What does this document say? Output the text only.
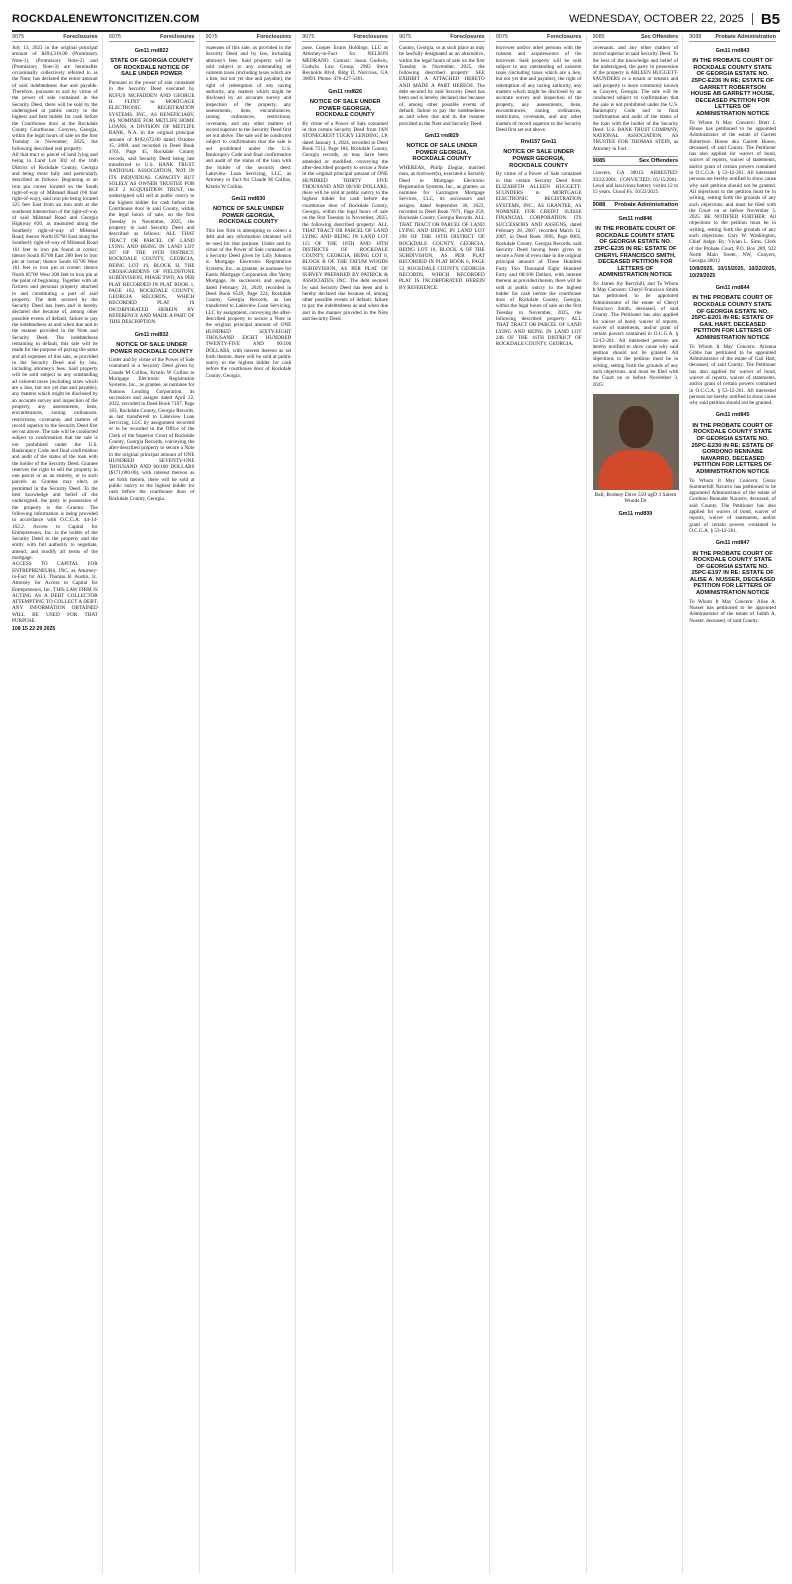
ROCKDALENEWTONCITIZEN.COM	WEDNESDAY, OCTOBER 22, 2025 B5
9075	Foreclosures
July 13, 2023 in the original principal amount of $494,316.00 (Promissory Note-1), (Promissory Note-2) and (Promissory Note-3) are hereinafter occasionally collectively referred to as the Note; has declared the entire amount of said indebtedness due and payable. Therefore, pursuant to and by virtue of the power of sale contained in the Security Deed, there will be sold by the undersigned at public outcry to the highest and best bidder for cash before the Courthouse door at the Rockdale County Courthouse, Conyers, Georgia, within the legal hours of sale on the first Tuesday in November, 2025, the following described real property:
All that tract or parcel of land lying and being in Land Lot 302 of the 16th District of Rockdale County, Georgia and being more fully and particularly described as follows: Beginning at an iron pin corner located on the South right-of-way of Milstead Road (60 foot right-of-way), said iron pin being located 325 feet East from an iron stob at the southeast intersection of the right-of-way of said Milstead Road and Georgia Highway #20, as measured along the Southerly right-of-way of Milstead Road; thence North 85°00 East along the Southerly right-of-way of Milstead Road 161 feet to iron pin found at corner; thence South 05°00 East 200 feet to iron pin at corner; thence South 85°00 West 161 feet to iron pin at corner; thence North 05°00 West 200 feet to iron pin at the point of beginning. Together with all fixtures and personal property attached to and constituting a part of said property. The debt secured by the Security Deed has been and is hereby declared due because of, among other possible events of default, failure to pay the indebtedness as and when due and in the manner provided in the Note and Security Deed. The indebtedness remaining in default, this sale will be made for the purpose of paying the same and all expenses of this sale, as provided in the Security Deed and by law, including attorney's fees. Said property will be sold subject to any outstanding ad valorem taxes (including taxes which are a lien, but not yet due and payable), any matters which might be disclosed by an accurate survey and inspection of the property, any assessments, liens, encumbrances, zoning ordinances, restrictions, covenants, and matters of record superior to the Security Deed first set out above. The sale will be conducted subject to confirmation that the sale is not prohibited under the U.S. Bankruptcy Code and final confirmation and audit of the status of the loan with the holder of the Security Deed. Grantee reserves the right to sell the property in one parcel or as an entirety, or in such parcels as Grantee may elect, as permitted in the Security Deed. To the best knowledge and belief of the undersigned, the party in possession of the property is the Grantor. The following information is being provided in accordance with O.C.G.A. 44-14-162.2. Access to Capital for Entrepreneurs, Inc. is the holder of the Security Deed to the property and the entity with full authority to negotiate, amend, and modify all terms of the mortgage.
ACCESS TO CAPITAL FOR ENTREPRENEURS, INC. as Attorney-in-Fact for ALI, Thomas B. Austin, Jr., Attorney for Access to Capital for Entrepreneurs, Inc. THIS LAW FIRM IS ACTING AS A DEBT COLLECTOR ATTEMPTING TO COLLECT A DEBT. ANY INFORMATION OBTAINED WILL BE USED FOR THAT PURPOSE.
108 15 22 29 2025
9075	Foreclosures
Gm11 rnd822
STATE OF GEORGIA COUNTY OF ROCKDALE NOTICE OF SALE UNDER POWER
Pursuant to the power of sale contained in the Security Deed executed by RUFUS MCFADDEN AND GEORGE H. FLINT to MORTGAGE ELECTRONIC REGISTRATION SYSTEMS, INC., AS BENEFICIARY, AS NOMINEE FOR METLIFE HOME LOANS, A DIVISION OF METLIFE BANK, N.A. in the original principal amount of $182,672.00 dated October 15, 2009, and recorded in Deed Book 4761, Page 45, Rockdale County records, said Security Deed being last transferred to U.S. BANK TRUST NATIONAL ASSOCIATION, NOT IN ITS INDIVIDUAL CAPACITY BUT SOLELY AS OWNER TRUSTEE FOR RCF 2 ACQUISITION TRUST, the undersigned will sell at public outcry to the highest bidder for cash before the Courthouse door in said County, within the legal hours of sale, on the first Tuesday in November, 2025, the property in said Security Deed and described as follows: ALL THAT TRACT OR PARCEL OF LAND LYING AND BEING IN LAND LOT 267 OF THE 16TH DISTRICT, ROCKDALE COUNTY, GEORGIA, BEING LOT 19, BLOCK H, THE CROSSGARDENS OF FIELDSTONE SUBDIVISION, PHASE TWO, AS PER PLAT RECORDED IN PLAT BOOK 1, PAGE 162, ROCKDALE COUNTY, GEORGIA RECORDS, WHICH RECORDED PLAT IS INCORPORATED HEREIN BY REFERENCE AND MADE A PART OF THIS DESCRIPTION.
Gm11 rnd832
NOTICE OF SALE UNDER POWER ROCKDALE COUNTY
Under and by virtue of the Power of Sale contained in a Security Deed given by Claude M Collins, Kristin W Collins to Mortgage Electronic Registration Systems, Inc., as grantee, as nominee for Nations Lending Corporation, its successors and assigns dated April 22, 2022, recorded in Deed Book 7107, Page 183, Rockdale County, Georgia Records, as last transferred to Lakeview Loan Servicing, LLC by assignment recorded or to be recorded in the Office of the Clerk of the Superior Court of Rockdale County, Georgia Records, conveying the after-described property to secure a Note in the original principal amount of ONE HUNDRED SEVENTY-ONE THOUSAND AND 00/100 DOLLARS ($171,000.00), with interest thereon as set forth therein, there will be sold at public outcry to the highest bidder for cash before the courthouse door of Rockdale County, Georgia.
9075	Foreclosures
expenses of this sale, as provided in the Security Deed and by law, including attorney's fees. Said property will be sold subject to any outstanding ad valorem taxes (including taxes which are a lien, but not yet due and payable), the right of redemption of any taxing authority, any matters which might be disclosed by an accurate survey and inspection of the property, any assessments, liens, encumbrances, zoning ordinances, restrictions, covenants, and any other matters of record superior to the Security Deed first set out above. The sale will be conducted subject to confirmation that the sale is not prohibited under the U.S. Bankruptcy Code and final confirmation and audit of the status of the loan with the holder of the security deed. Lakeview Loan Servicing, LLC, as Attorney in Fact for Claude M Collins, Kristin W Collins.
Gm11 rnd830
NOTICE OF SALE UNDER POWER GEORGIA, ROCKDALE COUNTY
This law firm is attempting to collect a debt and any information obtained will be used for that purpose. Under and by virtue of the Power of Sale contained in a Security Deed given by Lilly Johnson to Mortgage Electronic Registration Systems, Inc., as grantee, as nominee for Eustis Mortgage Corporation dba Verity Mortgage, its successors and assigns, dated February 21, 2020, recorded in Deed Book 6549, Page 224, Rockdale County, Georgia Records, as last transferred to Lakeview Loan Servicing, LLC by assignment, conveying the after-described property to secure a Note in the original principal amount of ONE HUNDRED SIXTY-EIGHT THOUSAND EIGHT HUNDRED TWENTY-FIVE AND 00/100 DOLLARS, with interest thereon as set forth therein, there will be sold at public outcry to the highest bidder for cash before the courthouse door of Rockdale County, Georgia.
9075	Foreclosures
pose. Cooper Evans Holdings, LLC as Attorney-in-Fact for NELSON MEDRANO. Contact: Jason Godwin, Godwin Law Group, 2983 Steve Reynolds Blvd, Bldg D, Norcross, GA 30093. Phone: 470-427-5461.
Gm11 rnd826
NOTICE OF SALE UNDER POWER GEORGIA, ROCKDALE COUNTY
By virtue of a Power of Sale contained in that certain Security Deed from JAN STONECREST TUCKY LENDING, LP, dated January 4, 2024, recorded in Deed Book 7212, Page 184, Rockdale County, Georgia records, as may have been amended or modified, conveying the after-described property to secure a Note in the original principal amount of ONE HUNDRED THIRTY FIVE THOUSAND AND 00/100 DOLLARS, there will be sold at public outcry to the highest bidder for cash before the courthouse door of Rockdale County, Georgia, within the legal hours of sale on the first Tuesday in November, 2025, the following described property: ALL THAT TRACT OR PARCEL OF LAND LYING AND BEING IN LAND LOT 115 OF THE 16TH AND 10TH DISTRICTS OF ROCKDALE COUNTY, GEORGIA, BEING LOT 8, BLOCK B OF THE TATUM WOODS SUBDIVISION, AS PER PLAT OF SURVEY PREPARED BY PATRICK & ASSOCIATES, INC. The debt secured by said Security Deed has been and is hereby declared due because of, among other possible events of default, failure to pay the indebtedness as and when due and in the manner provided in the Note and Security Deed.
9075	Foreclosures
County, Georgia, or at such place as may be lawfully designated as an alternative, within the legal hours of sale on the first Tuesday in November, 2025, the following described property: SEE EXHIBIT A ATTACHED HERETO AND MADE A PART HEREOF. The debt secured by said Security Deed has been and is hereby declared due because of, among other possible events of default, failure to pay the indebtedness as and when due and in the manner provided in the Note and Security Deed.
Gm11 rnd829
NOTICE OF SALE UNDER POWER GEORGIA, ROCKDALE COUNTY
WHEREAS, Philip Zieglar, married man, as borrower(s), executed a Security Deed to Mortgage Electronic Registration Systems, Inc., as grantee, as nominee for Carrington Mortgage Services, LLC, its successors and assigns, dated September 30, 2022, recorded in Deed Book 7071, Page 259, Rockdale County, Georgia Records. ALL THAT TRACT OR PARCEL OF LAND LYING AND BEING IN LAND LOT 298 OF THE 16TH DISTRICT OF ROCKDALE COUNTY, GEORGIA, BEING LOT 16, BLOCK A OF THE SUBDIVISION, AS PER PLAT RECORDED IN PLAT BOOK 6, PAGE 53, ROCKDALE COUNTY, GEORGIA RECORDS, WHICH RECORDED PLAT IS INCORPORATED HEREIN BY REFERENCE.
9075	Foreclosures
borrower and/or other persons with the consent and acquiescence of the borrower. Said property will be sold subject to any outstanding ad valorem taxes (including taxes which are a lien, but not yet due and payable), the right of redemption of any taxing authority, any matters which might be disclosed by an accurate survey and inspection of the property, any assessments, liens, encumbrances, zoning ordinances, restrictions, covenants, and any other matters of record superior to the Security Deed first set out above.
Rnd157 Gm11
NOTICE OF SALE UNDER POWER GEORGIA, ROCKDALE COUNTY
By virtue of a Power of Sale contained in that certain Security Deed from ELIZABETH ALLEEN HUGGETT-SCUNDERS to MORTGAGE ELECTRONIC REGISTRATION SYSTEMS, INC., AS GRANTEE, AS NOMINEE FOR CREDIT SUISSE FINANCIAL CORPORATION, ITS SUCCESSORS AND ASSIGNS, dated February 28, 2007, recorded March 12, 2007, in Deed Book 3995, Page 0065, Rockdale County, Georgia Records, said Security Deed having been given to secure a Note of even date in the original principal amount of Three Hundred Forty Two Thousand Eight Hundred Forty and 00/100 Dollars, with interest thereon as provided therein, there will be sold at public outcry to the highest bidder for cash before the courthouse door of Rockdale County, Georgia, within the legal hours of sale on the first Tuesday in November, 2025, the following described property: ALL THAT TRACT OR PARCEL OF LAND LYING AND BEING IN LAND LOT 246 OF THE 16TH DISTRICT OF ROCKDALE COUNTY, GEORGIA.
9085	Sex Offenders
covenants, and any other matters of record superior to said Security Deed. To the best of the knowledge and belief of the undersigned, the party in possession of the property is ARLEEN HUGGETT-SAUNDERS or a tenant or tenants and said property is more commonly known as Conyers, Georgia. The sale will be conducted subject to confirmation that the sale is not prohibited under the U.S. Bankruptcy Code and to final confirmation and audit of the status of the loan with the holder of the Security Deed. U.S. BANK TRUST COMPANY, NATIONAL ASSOCIATION, AS TRUSTEE FOR THOMAS STEIN, as Attorney in Fact.
9085	Sex Offenders
Convers, GA 30013. ARRESTED: 03/22/2001. CONVICTED: 05/15/2001. Lewd and lascivious battery victim 12 to 15 years. Cloud Fn. 10/22/2025
9088 Probate Administration
Gm11 rnd846
IN THE PROBATE COURT OF ROCKDALE COUNTY STATE OF GEORGIA ESTATE NO. 25PC-E235 IN RE: ESTATE OF CHERYL FRANCISCO SMITH, DECEASED PETITION FOR LETTERS OF ADMINISTRATION NOTICE
To: James Joy Berryhill, and To Whom It May Concern: Cheryl Francisco Smith has petitioned to be appointed Administrator of the estate of Cheryl Francisco Smith, deceased, of said County. The Petitioner has also applied for waiver of bond, waiver of reports, waiver of statements, and/or grant of certain powers contained in O.C.G.A. § 53-12-261. All interested persons are hereby notified to show cause why said petition should not be granted. All objections to the petition must be in writing, setting forth the grounds of any such objections, and must be filed with the Court on or before November 3, 2025.
Ball, Rodney Dave 550 ugD 3 Salem Woods Dr
Gm11 rnd839
9088	Probate Administration
Gm11 rnd843
IN THE PROBATE COURT OF ROCKDALE COUNTY STATE OF GEORGIA ESTATE NO. 25PC-E236 IN RE: ESTATE OF GARRETT ROBERTSON HOUSE AB GARRETT HOUSE, DECEASED PETITION FOR LETTERS OF ADMINISTRATION NOTICE
To Whom It May Concern: Brett J. House has petitioned to be appointed Administrator of the estate of Garrett Robertson House aka Garrett House, deceased, of said County. The Petitioner has also applied for waiver of bond, waiver of reports, waiver of statements, and/or grant of certain powers contained in O.C.G.A. § 53-12-261. All interested persons are hereby notified to show cause why said petition should not be granted. All objections to the petition must be in writing, setting forth the grounds of any such objections, and must be filed with the Court on or before November 3, 2025. BE NOTIFIED FURTHER: All objections to the petition must be in writing, setting forth the grounds of any such objections. Gary W. Washington, Chief Judge. By: Vivian L. Sims, Clerk of the Probate Court, P.O. Box 289, 922 North Main Street, NW, Conyers, Georgia 30012
10/8/2025, 10/15/2025, 10/22/2025, 10/29/2025
Gm11 rnd844
IN THE PROBATE COURT OF ROCKDALE COUNTY STATE OF GEORGIA ESTATE NO. 25PC-E201 IN RE: ESTATE OF GAIL HART, DECEASED PETITION FOR LETTERS OF ADMINISTRATION NOTICE
To Whom It May Concern: Arianna Gibbs has petitioned to be appointed Administrator of the estate of Gail Hart, deceased, of said County. The Petitioner has also applied for waiver of bond, waiver of reports, waiver of statements, and/or grant of certain powers contained in O.C.G.A. § 53-12-261. All interested persons are hereby notified to show cause why said petition should not be granted.
Gm11 rnd845
IN THE PROBATE COURT OF ROCKDALE COUNTY STATE OF GEORGIA ESTATE NO. 25PC-E230 IN RE: ESTATE OF GORDONO RENNABE NAVARRO, DECEASED PETITION FOR LETTERS OF ADMINISTRATION NOTICE
To Whom It May Concern: Gorav Summerhill Navarro has petitioned to be appointed Administrator of the estate of Gordono Rennabe Navarro, deceased, of said County. The Petitioner has also applied for waiver of bond, waiver of reports, waiver of statements, and/or grant of certain powers contained in O.C.G.A. § 53-12-261.
Gm11 rnd847
IN THE PROBATE COURT OF ROCKDALE COUNTY STATE OF GEORGIA ESTATE NO. 25PC-E197 IN RE: ESTATE OF ALISE A. NUSSER, DECEASED PETITION FOR LETTERS OF ADMINISTRATION NOTICE
To Whom It May Concern: Alise A. Nusser has petitioned to be appointed Administrator of the estate of Judith A. Nusser, deceased, of said County.
